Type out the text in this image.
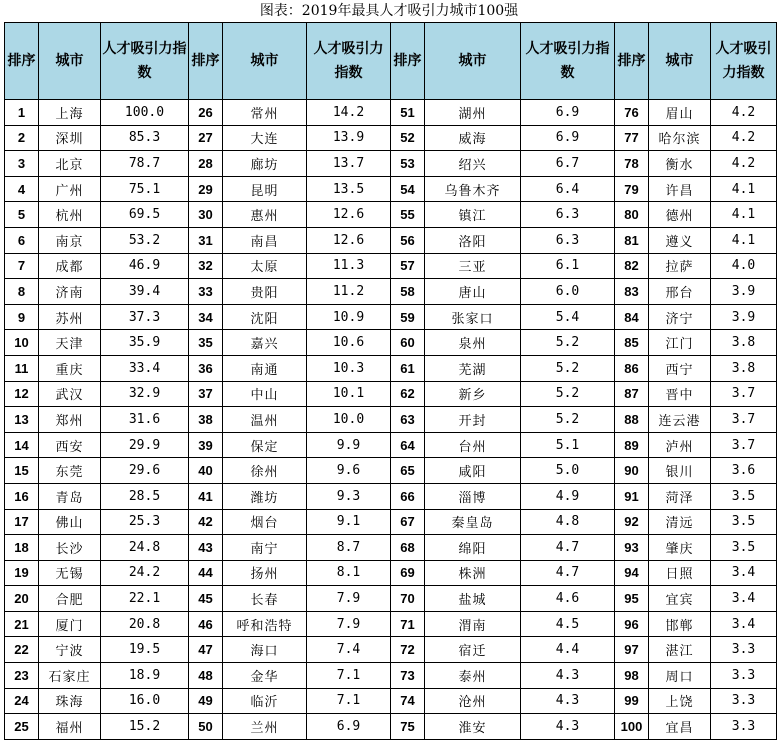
图表：2019年最具人才吸引力城市100强
排序	城市	人才吸引力指数	排序	城市	人才吸引力指数	排序	城市	人才吸引力指数	排序	城市	人才吸引力指数
1	上海	100.0	26	常州	14.2	51	湖州	6.9	76	眉山	4.2
2	深圳	85.3	27	大连	13.9	52	威海	6.9	77	哈尔滨	4.2
3	北京	78.7	28	廊坊	13.7	53	绍兴	6.7	78	衡水	4.2
4	广州	75.1	29	昆明	13.5	54	乌鲁木齐	6.4	79	许昌	4.1
5	杭州	69.5	30	惠州	12.6	55	镇江	6.3	80	德州	4.1
6	南京	53.2	31	南昌	12.6	56	洛阳	6.3	81	遵义	4.1
7	成都	46.9	32	太原	11.3	57	三亚	6.1	82	拉萨	4.0
8	济南	39.4	33	贵阳	11.2	58	唐山	6.0	83	邢台	3.9
9	苏州	37.3	34	沈阳	10.9	59	张家口	5.4	84	济宁	3.9
10	天津	35.9	35	嘉兴	10.6	60	泉州	5.2	85	江门	3.8
11	重庆	33.4	36	南通	10.3	61	芜湖	5.2	86	西宁	3.8
12	武汉	32.9	37	中山	10.1	62	新乡	5.2	87	晋中	3.7
13	郑州	31.6	38	温州	10.0	63	开封	5.2	88	连云港	3.7
14	西安	29.9	39	保定	9.9	64	台州	5.1	89	泸州	3.7
15	东莞	29.6	40	徐州	9.6	65	咸阳	5.0	90	银川	3.6
16	青岛	28.5	41	潍坊	9.3	66	淄博	4.9	91	菏泽	3.5
17	佛山	25.3	42	烟台	9.1	67	秦皇岛	4.8	92	清远	3.5
18	长沙	24.8	43	南宁	8.7	68	绵阳	4.7	93	肇庆	3.5
19	无锡	24.2	44	扬州	8.1	69	株洲	4.7	94	日照	3.4
20	合肥	22.1	45	长春	7.9	70	盐城	4.6	95	宜宾	3.4
21	厦门	20.8	46	呼和浩特	7.9	71	渭南	4.5	96	邯郸	3.4
22	宁波	19.5	47	海口	7.4	72	宿迁	4.4	97	湛江	3.3
23	石家庄	18.9	48	金华	7.1	73	泰州	4.3	98	周口	3.3
24	珠海	16.0	49	临沂	7.1	74	沧州	4.3	99	上饶	3.3
25	福州	15.2	50	兰州	6.9	75	淮安	4.3	100	宜昌	3.3
